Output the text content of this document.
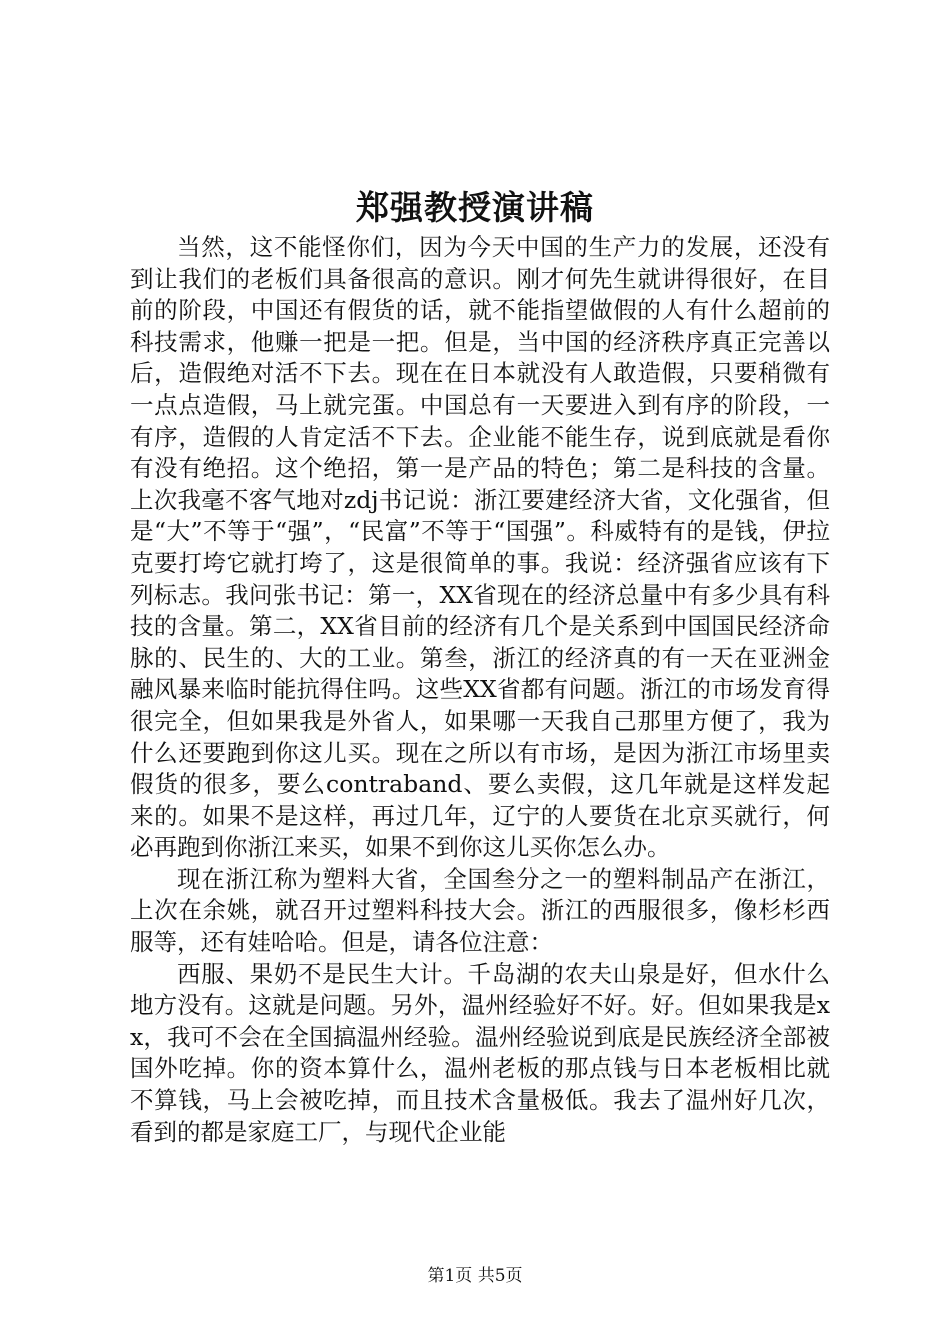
郑强教授演讲稿

当然，这不能怪你们，因为今天中国的生产力的发展，还没有到让我们的老板们具备很高的意识。刚才何先生就讲得很好，在目前的阶段，中国还有假货的话，就不能指望做假的人有什么超前的科技需求，他赚一把是一把。但是，当中国的经济秩序真正完善以后，造假绝对活不下去。现在在日本就没有人敢造假，只要稍微有一点点造假，马上就完蛋。中国总有一天要进入到有序的阶段，一有序，造假的人肯定活不下去。企业能不能生存，说到底就是看你有没有绝招。这个绝招，第一是产品的特色；第二是科技的含量。上次我毫不客气地对zdj书记说：浙江要建经济大省，文化强省，但是“大”不等于“强”，“民富”不等于“国强”。科威特有的是钱，伊拉克要打垮它就打垮了，这是很简单的事。我说：经济强省应该有下列标志。我问张书记：第一，XX省现在的经济总量中有多少具有科技的含量。第二，XX省目前的经济有几个是关系到中国国民经济命脉的、民生的、大的工业。第叁，浙江的经济真的有一天在亚洲金融风暴来临时能抗得住吗。这些XX省都有问题。浙江的市场发育得很完全，但如果我是外省人，如果哪一天我自己那里方便了，我为什么还要跑到你这儿买。现在之所以有市场，是因为浙江市场里卖假货的很多，要么contraband、要么卖假，这几年就是这样发起来的。如果不是这样，再过几年，辽宁的人要货在北京买就行，何必再跑到你浙江来买，如果不到你这儿买你怎么办。

现在浙江称为塑料大省，全国叁分之一的塑料制品产在浙江，上次在余姚，就召开过塑料科技大会。浙江的西服很多，像杉杉西服等，还有娃哈哈。但是，请各位注意：

西服、果奶不是民生大计。千岛湖的农夫山泉是好，但水什么地方没有。这就是问题。另外，温州经验好不好。好。但如果我是xx，我可不会在全国搞温州经验。温州经验说到底是民族经济全部被国外吃掉。你的资本算什么，温州老板的那点钱与日本老板相比就不算钱，马上会被吃掉，而且技术含量极低。我去了温州好几次，看到的都是家庭工厂，与现代企业能

第1页 共5页
